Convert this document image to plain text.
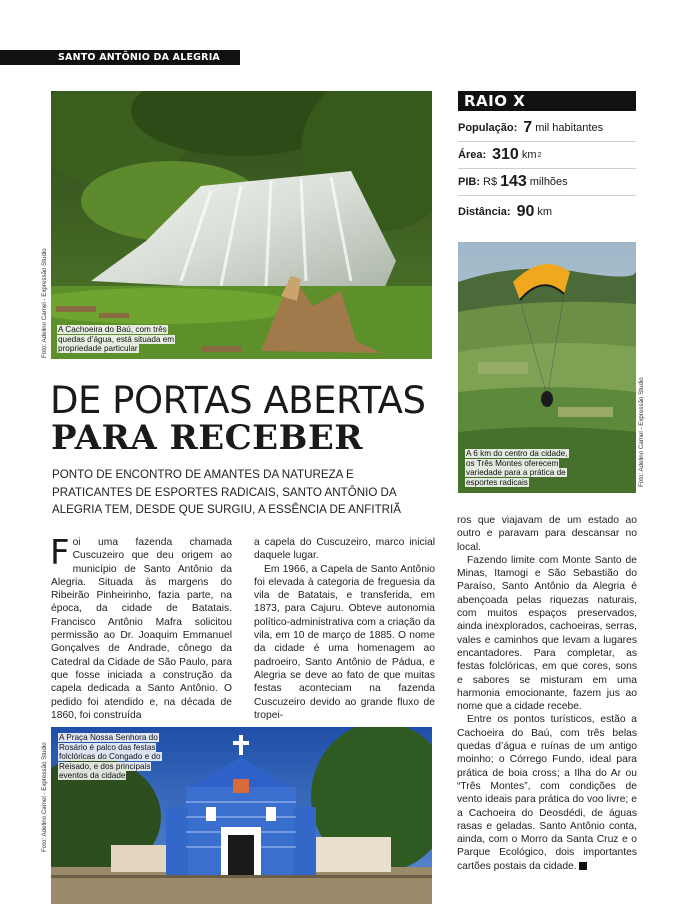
SANTO ANTÔNIO DA ALEGRIA
A Cachoeira do Baú, com três quedas d’água, está situada em propriedade particular
Foto: Adelino Camel - Expressão Studio
RAIO X
População: 7 mil habitantes
Área: 310 km 2
PIB: R$ 143 milhões
Distância: 90 km
A 6 km do centro da cidade, os Três Montes oferecem variedade para a prática de esportes radicais	Foto: Adelino Camel - Expressão Studio
DE PORTAS ABERTAS
PARA RECEBER
PONTO DE ENCONTRO DE AMANTES DA NATUREZA E PRATICANTES DE ESPORTES RADICAIS, SANTO ANTÔNIO DA ALEGRIA TEM, DESDE QUE SURGIU, A ESSÊNCIA DE ANFITRIÃ

Foi uma fazenda chamada Cuscuzeiro que deu origem ao município de Santo Antônio da Alegria. Situada às margens do Ribeirão Pinheirinho, fazia parte, na época, da cidade de Batatais. Francisco Antônio Mafra solicitou permissão ao Dr. Joaquim Emmanuel Gonçalves de Andrade, cônego da Catedral da Cidade de São Paulo, para que fosse iniciada a construção da capela dedicada a Santo Antônio. O pedido foi atendido e, na década de 1860, foi construída

a capela do Cuscuzeiro, marco inicial daquele lugar.

Em 1966, a Capela de Santo Antônio foi elevada à categoria de freguesia da vila de Batatais, e transferida, em 1873, para Cajuru. Obteve autonomia político-administrativa com a criação da vila, em 10 de março de 1885. O nome da cidade é uma homenagem ao padroeiro, Santo Antônio de Pádua, e Alegria se deve ao fato de que muitas festas aconteciam na fazenda Cuscuzeiro devido ao grande fluxo de tropei-

ros que viajavam de um estado ao outro e paravam para descansar no local.

Fazendo limite com Monte Santo de Minas, Itamogi e São Sebastião do Paraíso, Santo Antônio da Alegria é abençoada pelas riquezas naturais, com muitos espaços preservados, ainda inexplorados, cachoeiras, serras, vales e caminhos que levam a lugares encantadores. Para completar, as festas folclóricas, em que cores, sons e sabores se misturam em uma harmonia emocionante, fazem jus ao nome que a cidade recebe.

Entre os pontos turísticos, estão a Cachoeira do Baú, com três belas quedas d’água e ruínas de um antigo moinho; o Córrego Fundo, ideal para prática de boia cross; a Ilha do Ar ou “Três Montes”, com condições de vento ideais para prática do voo livre; e a Cachoeira do Deosdédi, de águas rasas e geladas. Santo Antônio conta, ainda, com o Morro da Santa Cruz e o Parque Ecológico, dois importantes cartões postais da cidade.

A Praça Nossa Senhora do Rosário é palco das festas folclóricas do Congado e do Reisado, e dos principais eventos da cidade
Foto: Adelino Camel - Expressão Studio
